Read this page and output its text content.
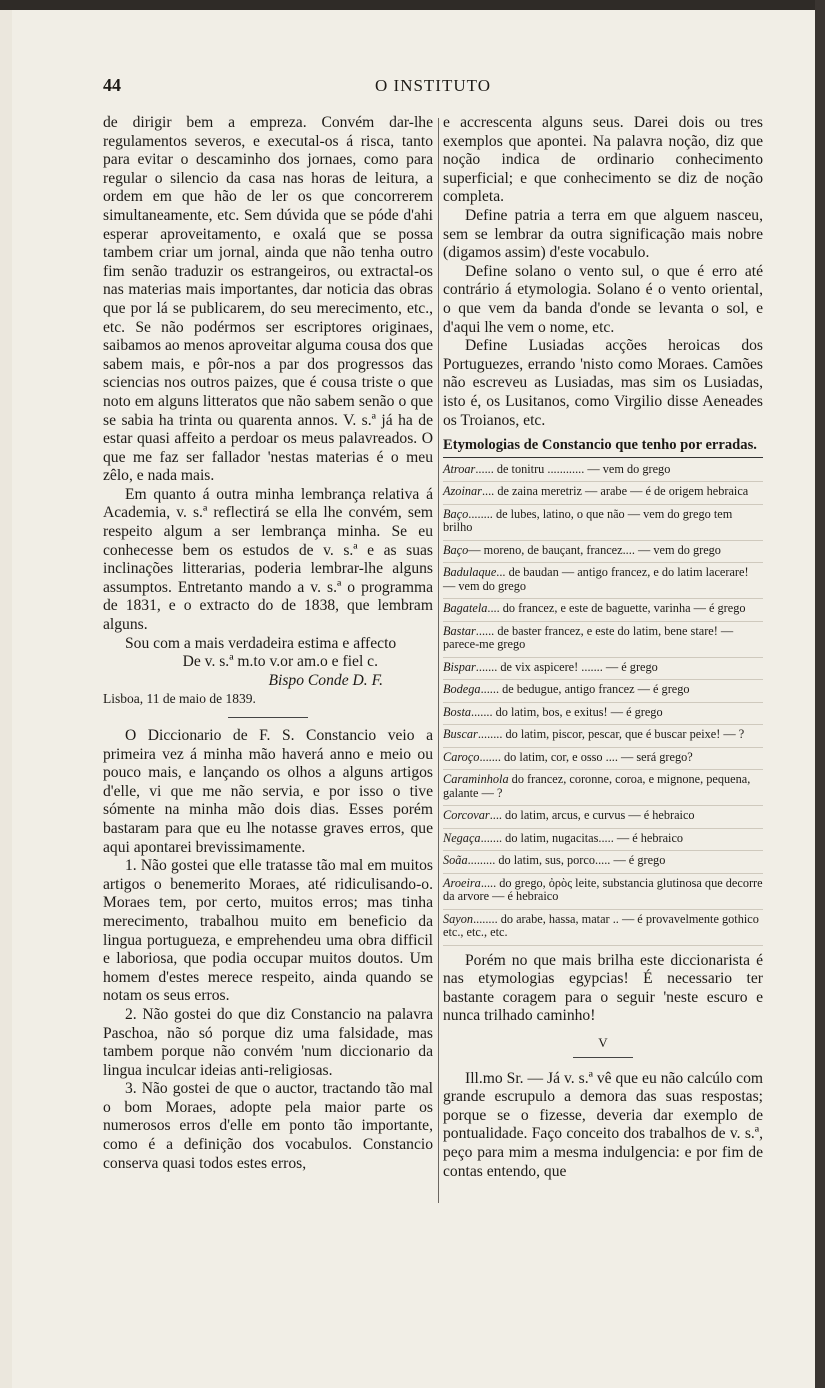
44	O INSTITUTO

de dirigir bem a empreza. Convém dar-lhe regulamentos severos, e executal-os á risca, tanto para evitar o descaminho dos jornaes, como para regular o silencio da casa nas horas de leitura, a ordem em que hão de ler os que concorrerem simultaneamente, etc. Sem dúvida que se póde d'ahi esperar aproveitamento, e oxalá que se possa tambem criar um jornal, ainda que não tenha outro fim senão traduzir os estrangeiros, ou extractal-os nas materias mais importantes, dar noticia das obras que por lá se publicarem, do seu merecimento, etc., etc. Se não podérmos ser escriptores originaes, saibamos ao menos aproveitar alguma cousa dos que sabem mais, e pôr-nos a par dos progressos das sciencias nos outros paizes, que é cousa triste o que noto em alguns litteratos que não sabem senão o que se sabia ha trinta ou quarenta annos. V. s.ª já ha de estar quasi affeito a perdoar os meus palavreados. O que me faz ser fallador 'nestas materias é o meu zêlo, e nada mais.

Em quanto á outra minha lembrança relativa á Academia, v. s.ª reflectirá se ella lhe convém, sem respeito algum a ser lembrança minha. Se eu conhecesse bem os estudos de v. s.ª e as suas inclinações litterarias, poderia lembrar-lhe alguns assumptos. Entretanto mando a v. s.ª o programma de 1831, e o extracto do de 1838, que lembram alguns.

Sou com a mais verdadeira estima e affecto

De v. s.ª m.to v.or am.o e fiel c.

Bispo Conde D. F.

Lisboa, 11 de maio de 1839.

O Diccionario de F. S. Constancio veio a primeira vez á minha mão haverá anno e meio ou pouco mais, e lançando os olhos a alguns artigos d'elle, vi que me não servia, e por isso o tive sómente na minha mão dois dias. Esses porém bastaram para que eu lhe notasse graves erros, que aqui apontarei brevissimamente.

1. Não gostei que elle tratasse tão mal em muitos artigos o benemerito Moraes, até ridiculisando-o. Moraes tem, por certo, muitos erros; mas tinha merecimento, trabalhou muito em beneficio da lingua portugueza, e emprehendeu uma obra difficil e laboriosa, que podia occupar muitos doutos. Um homem d'estes merece respeito, ainda quando se notam os seus erros.

2. Não gostei do que diz Constancio na palavra Paschoa, não só porque diz uma falsidade, mas tambem porque não convém 'num diccionario da lingua inculcar ideias anti-religiosas.

3. Não gostei de que o auctor, tractando tão mal o bom Moraes, adopte pela maior parte os numerosos erros d'elle em ponto tão importante, como é a definição dos vocabulos. Constancio conserva quasi todos estes erros,

e accrescenta alguns seus. Darei dois ou tres exemplos que apontei. Na palavra noção, diz que noção indica de ordinario conhecimento superficial; e que conhecimento se diz de noção completa.

Define patria a terra em que alguem nasceu, sem se lembrar da outra significação mais nobre (digamos assim) d'este vocabulo.

Define solano o vento sul, o que é erro até contrário á etymologia. Solano é o vento oriental, o que vem da banda d'onde se levanta o sol, e d'aqui lhe vem o nome, etc.

Define Lusiadas acções heroicas dos Portuguezes, errando 'nisto como Moraes. Camões não escreveu as Lusiadas, mas sim os Lusiadas, isto é, os Lusitanos, como Virgilio disse Aeneades os Troianos, etc.

Etymologias de Constancio que tenho por erradas.
Atroar...... de tonitru ............ — vem do grego
Azoinar.... de zaina meretriz — arabe — é de origem hebraica
Baço........ de lubes, latino, o que não — vem do grego tem brilho
Baço— moreno, de bauçant, francez.... — vem do grego
Badulaque... de baudan — antigo francez, e do latim lacerare! — vem do grego
Bagatela.... do francez, e este de baguette, varinha — é grego
Bastar...... de baster francez, e este do latim, bene stare! — parece-me grego
Bispar....... de vix aspicere! ....... — é grego
Bodega...... de bedugue, antigo francez — é grego
Bosta....... do latim, bos, e exitus! — é grego
Buscar........ do latim, piscor, pescar, que é buscar peixe! — ?
Caroço....... do latim, cor, e osso .... — será grego?
Caraminhola do francez, coronne, coroa, e mignone, pequena, galante — ?
Corcovar.... do latim, arcus, e curvus — é hebraico
Negaça....... do latim, nugacitas..... — é hebraico
Soãa......... do latim, sus, porco..... — é grego
Aroeira..... do grego, ὀρὸς leite, substancia glutinosa que decorre da arvore — é hebraico
Sayon........ do arabe, hassa, matar .. — é provavelmente gothico etc., etc., etc.

Porém no que mais brilha este diccionarista é nas etymologias egypcias! É necessario ter bastante coragem para o seguir 'neste escuro e nunca trilhado caminho!

V

Ill.mo Sr. — Já v. s.ª vê que eu não calcúlo com grande escrupulo a demora das suas respostas; porque se o fizesse, deveria dar exemplo de pontualidade. Faço conceito dos trabalhos de v. s.ª, peço para mim a mesma indulgencia: e por fim de contas entendo, que
